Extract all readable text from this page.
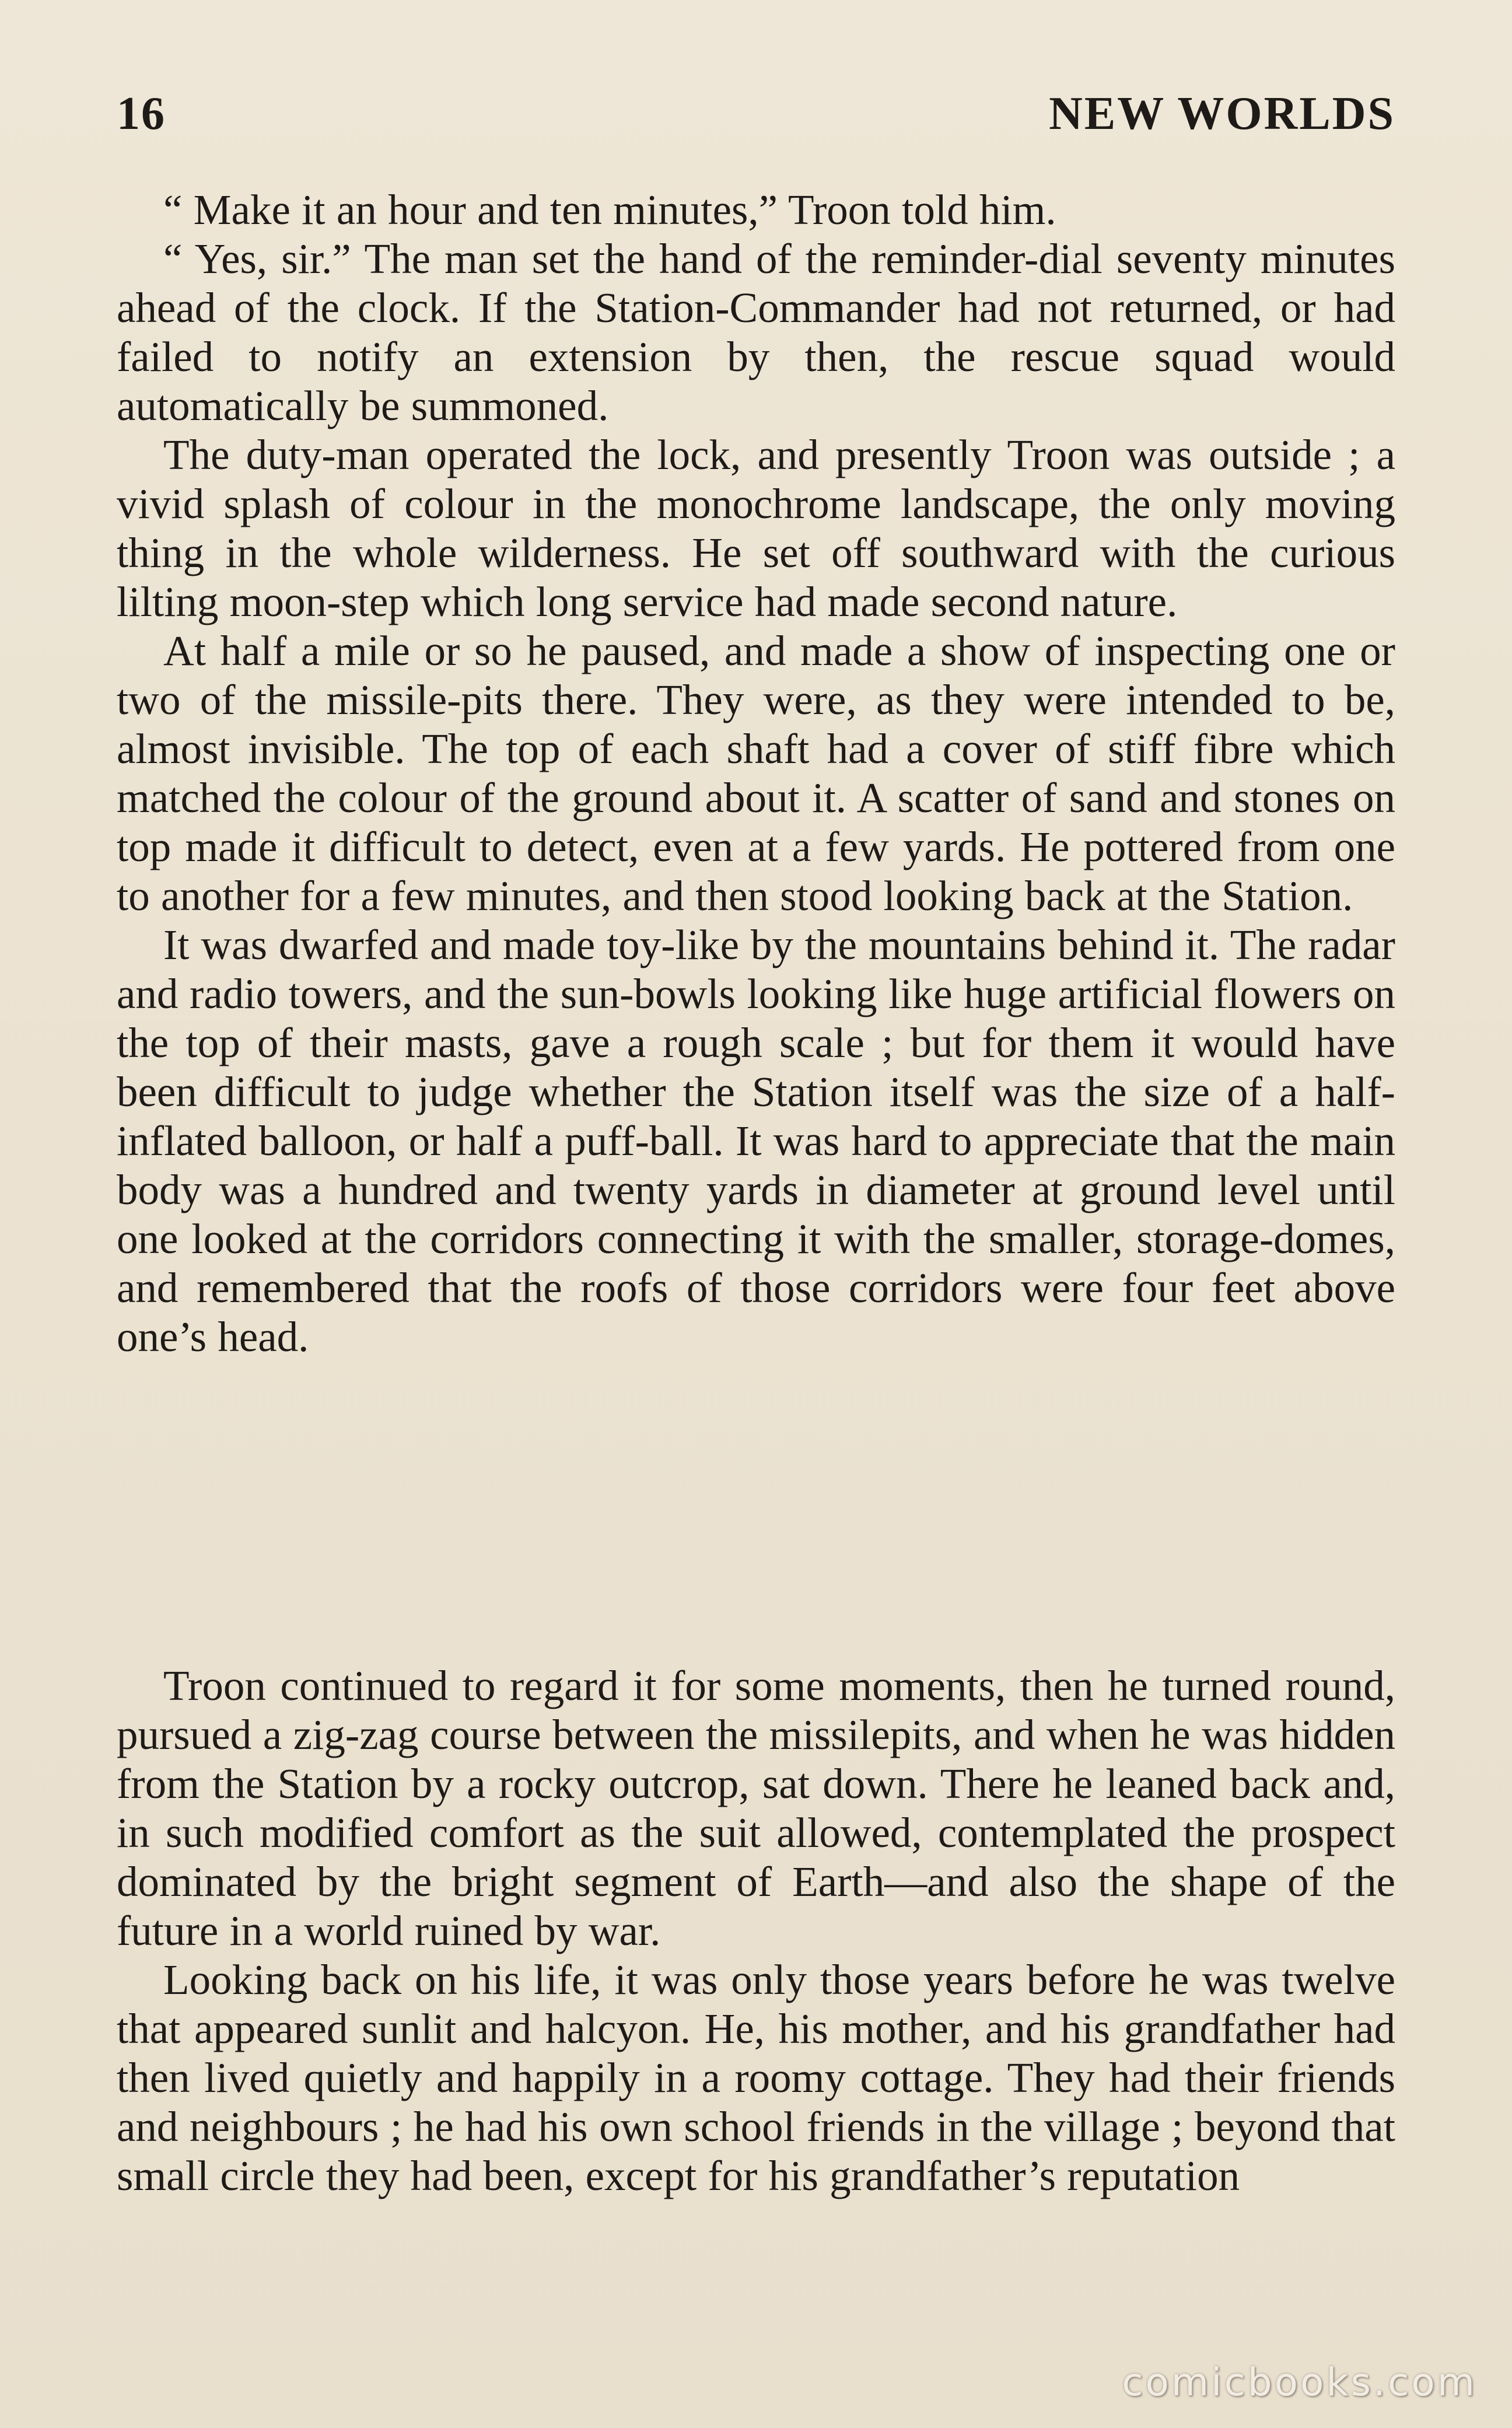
16	NEW WORLDS

“ Make it an hour and ten minutes,” Troon told him.

“ Yes, sir.” The man set the hand of the reminder-dial seventy minutes ahead of the clock. If the Station-Commander had not returned, or had failed to notify an extension by then, the rescue squad would automatically be summoned.

The duty-man operated the lock, and presently Troon was outside ; a vivid splash of colour in the monochrome landscape, the only moving thing in the whole wilderness. He set off southward with the curious lilting moon-step which long service had made second nature.

At half a mile or so he paused, and made a show of inspecting one or two of the missile-pits there. They were, as they were intended to be, almost invisible. The top of each shaft had a cover of stiff fibre which matched the colour of the ground about it. A scatter of sand and stones on top made it difficult to detect, even at a few yards. He pottered from one to another for a few minutes, and then stood looking back at the Station.

It was dwarfed and made toy-like by the mountains behind it. The radar and radio towers, and the sun-bowls looking like huge artificial flowers on the top of their masts, gave a rough scale ; but for them it would have been difficult to judge whether the Station itself was the size of a half-inflated balloon, or half a puff-ball. It was hard to appreciate that the main body was a hundred and twenty yards in diameter at ground level until one looked at the corridors connecting it with the smaller, storage-domes, and remembered that the roofs of those corridors were four feet above one’s head.

Troon continued to regard it for some moments, then he turned round, pursued a zig-zag course between the missilepits, and when he was hidden from the Station by a rocky outcrop, sat down. There he leaned back and, in such modified comfort as the suit allowed, contemplated the prospect dominated by the bright segment of Earth—and also the shape of the future in a world ruined by war.

Looking back on his life, it was only those years before he was twelve that appeared sunlit and halcyon. He, his mother, and his grandfather had then lived quietly and happily in a roomy cottage. They had their friends and neighbours ; he had his own school friends in the village ; beyond that small circle they had been, except for his grandfather’s reputation

comicbooks.com
